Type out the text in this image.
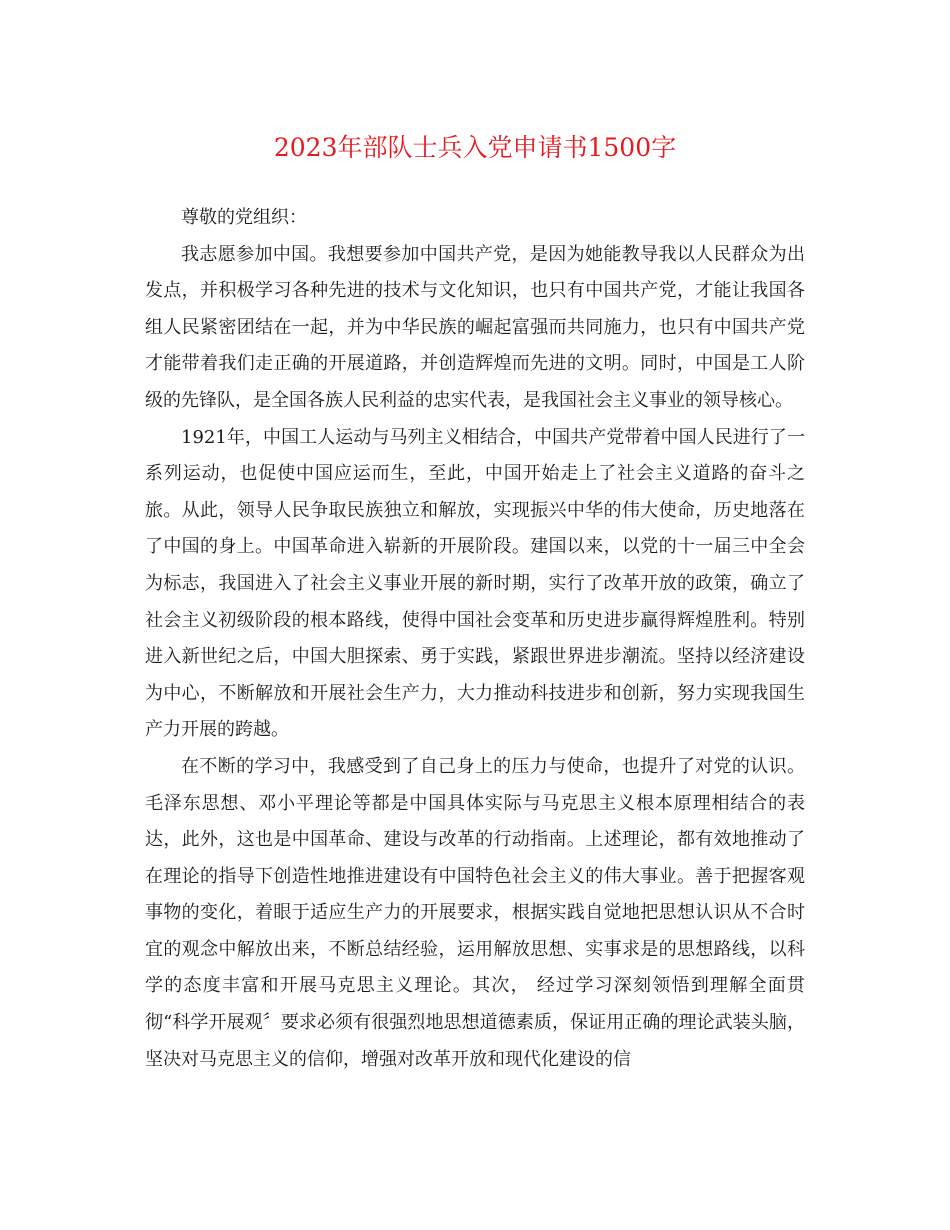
2023年部队士兵入党申请书1500字

尊敬的党组织：

我志愿参加中国。我想要参加中国共产党，是因为她能教导我以人民群众为出发点，并积极学习各种先进的技术与文化知识，也只有中国共产党，才能让我国各组人民紧密团结在一起，并为中华民族的崛起富强而共同施力，也只有中国共产党才能带着我们走正确的开展道路，并创造辉煌而先进的文明。同时，中国是工人阶级的先锋队，是全国各族人民利益的忠实代表，是我国社会主义事业的领导核心。

1921年，中国工人运动与马列主义相结合，中国共产党带着中国人民进行了一系列运动，也促使中国应运而生，至此，中国开始走上了社会主义道路的奋斗之旅。从此，领导人民争取民族独立和解放，实现振兴中华的伟大使命，历史地落在了中国的身上。中国革命进入崭新的开展阶段。建国以来，以党的十一届三中全会为标志，我国进入了社会主义事业开展的新时期，实行了改革开放的政策，确立了社会主义初级阶段的根本路线，使得中国社会变革和历史进步赢得辉煌胜利。特别进入新世纪之后，中国大胆探索、勇于实践，紧跟世界进步潮流。坚持以经济建设为中心，不断解放和开展社会生产力，大力推动科技进步和创新，努力实现我国生产力开展的跨越。

在不断的学习中，我感受到了自己身上的压力与使命，也提升了对党的认识。毛泽东思想、邓小平理论等都是中国具体实际与马克思主义根本原理相结合的表达，此外，这也是中国革命、建设与改革的行动指南。上述理论，都有效地推动了在理论的指导下创造性地推进建设有中国特色社会主义的伟大事业。善于把握客观事物的变化，着眼于适应生产力的开展要求，根据实践自觉地把思想认识从不合时宜的观念中解放出来，不断总结经验，运用解放思想、实事求是的思想路线，以科学的态度丰富和开展马克思主义理论。其次， 经过学习深刻领悟到理解全面贯彻“科学开展观〞要求必须有很强烈地思想道德素质，保证用正确的理论武装头脑，坚决对马克思主义的信仰，增强对改革开放和现代化建设的信
